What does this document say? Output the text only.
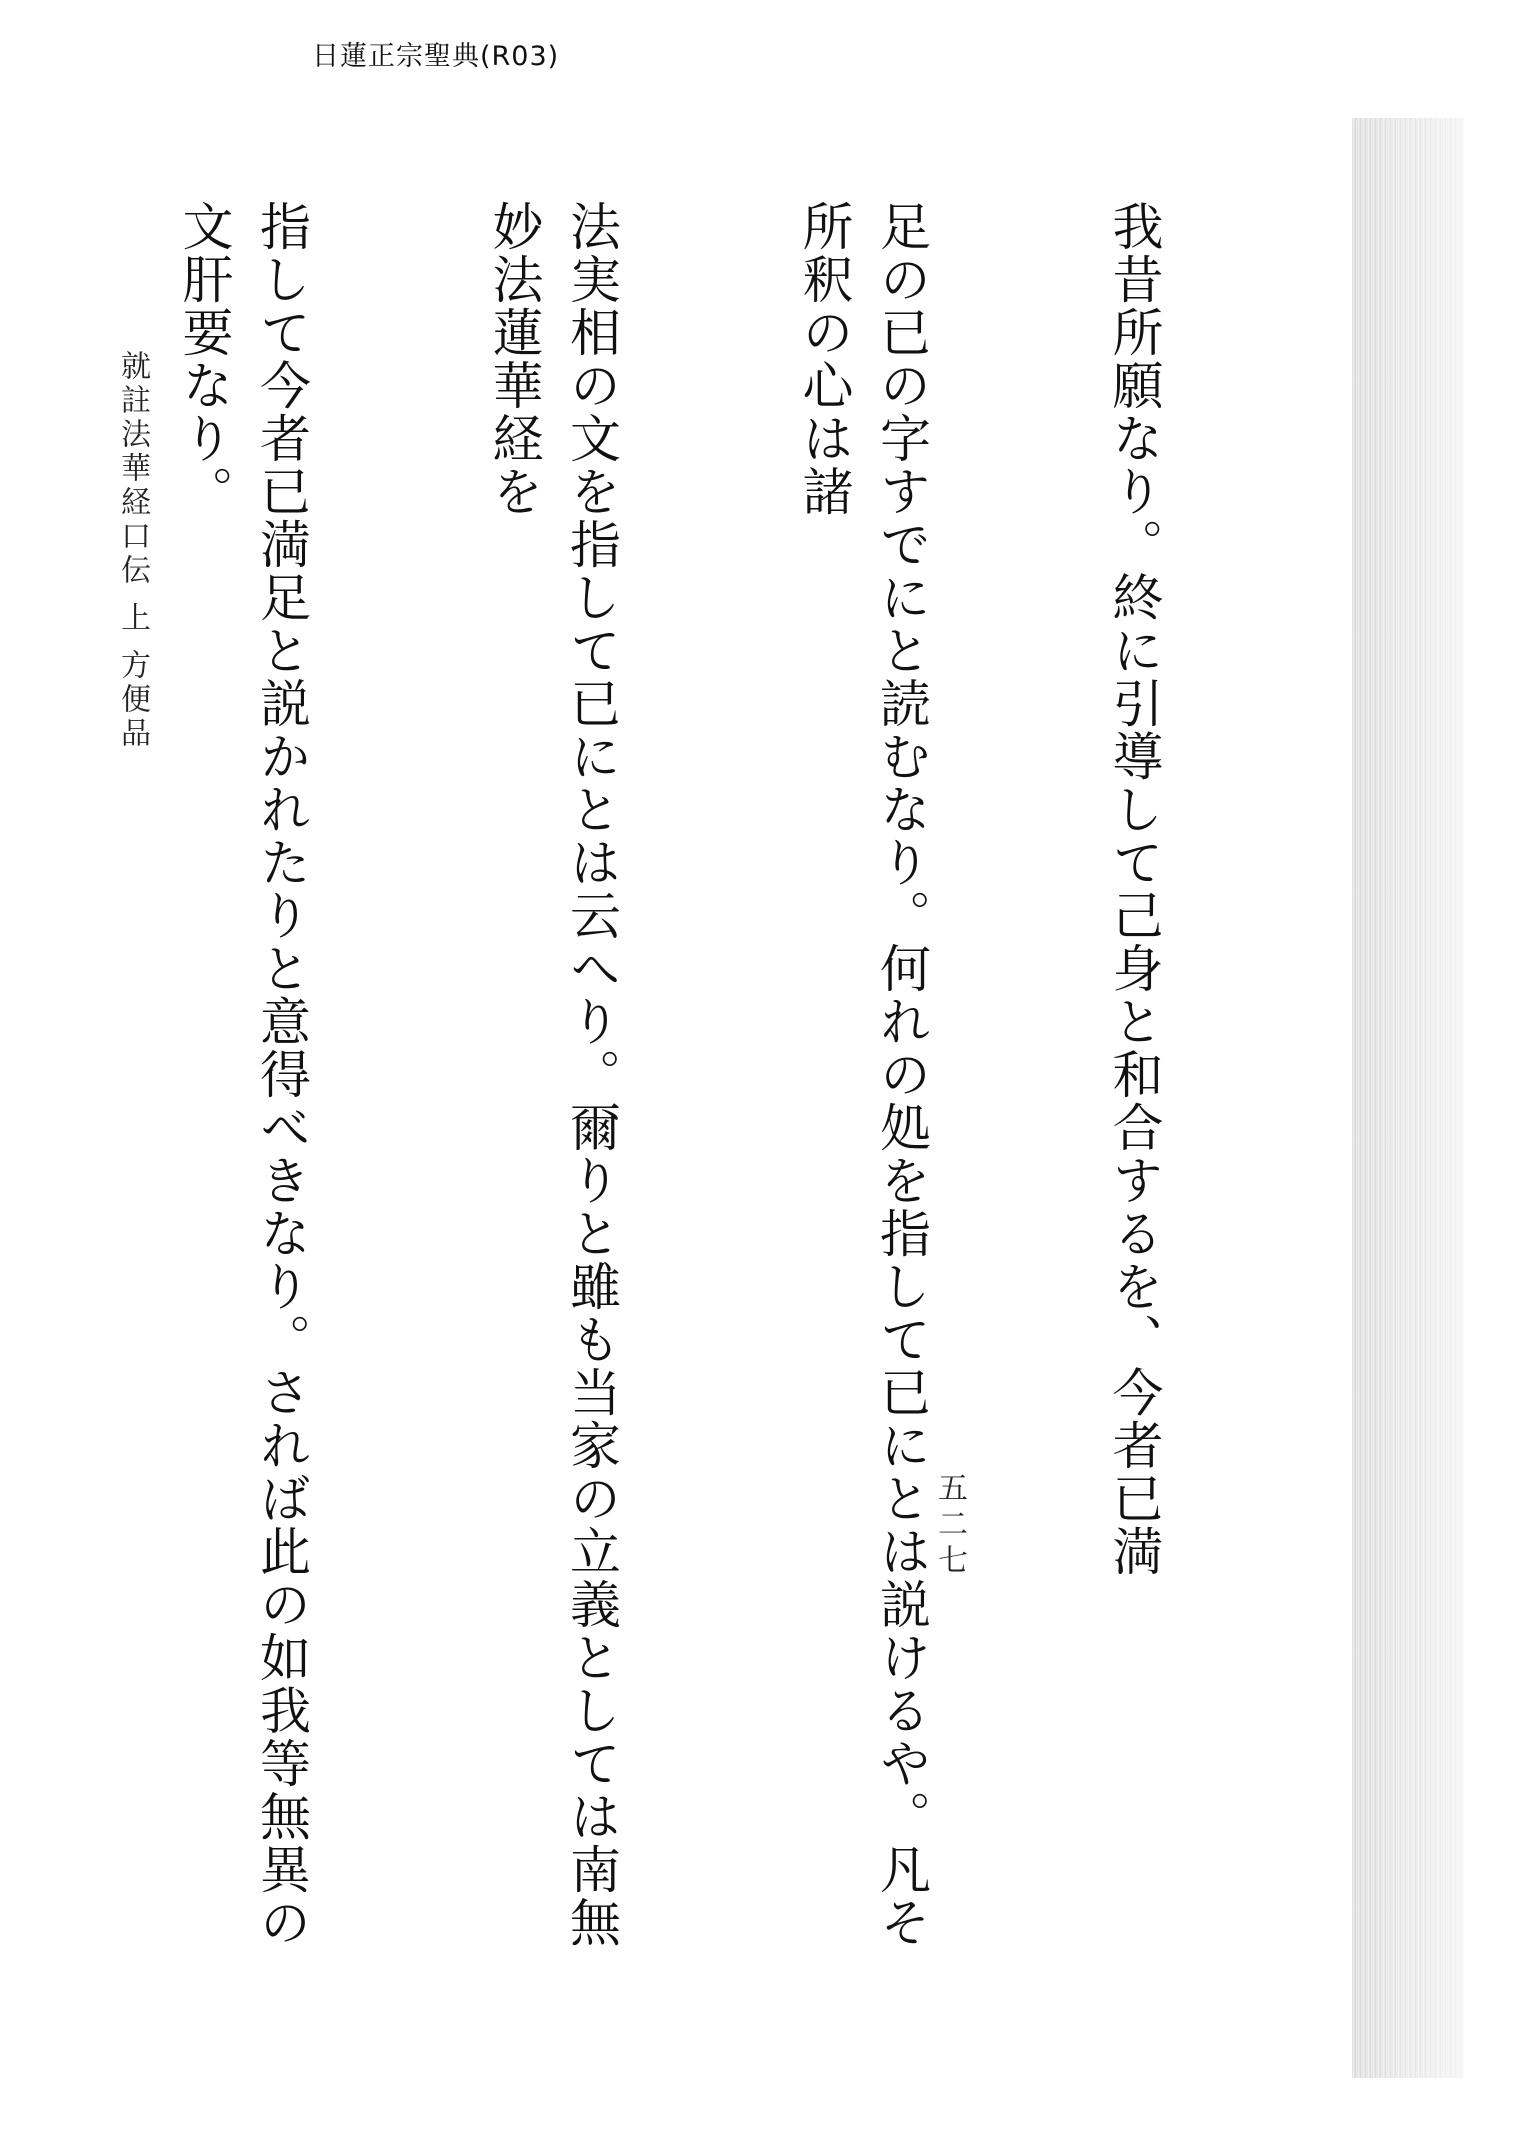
日蓮正宗聖典(R03)

我昔所願なり。終に引導して己身と和合するを、今者已満

足の已の字すでにと読むなり。何れの処を指して已にとは説けるや。凡そ所釈の心は諸

法実相の文を指して已にとは云へり。爾りと雖も当家の立義としては南無妙法蓮華経を

指して今者已満足と説かれたりと意得べきなり。されば此の如我等無異の文肝要なり。

就註法華経口伝 上 方便品
五二七
